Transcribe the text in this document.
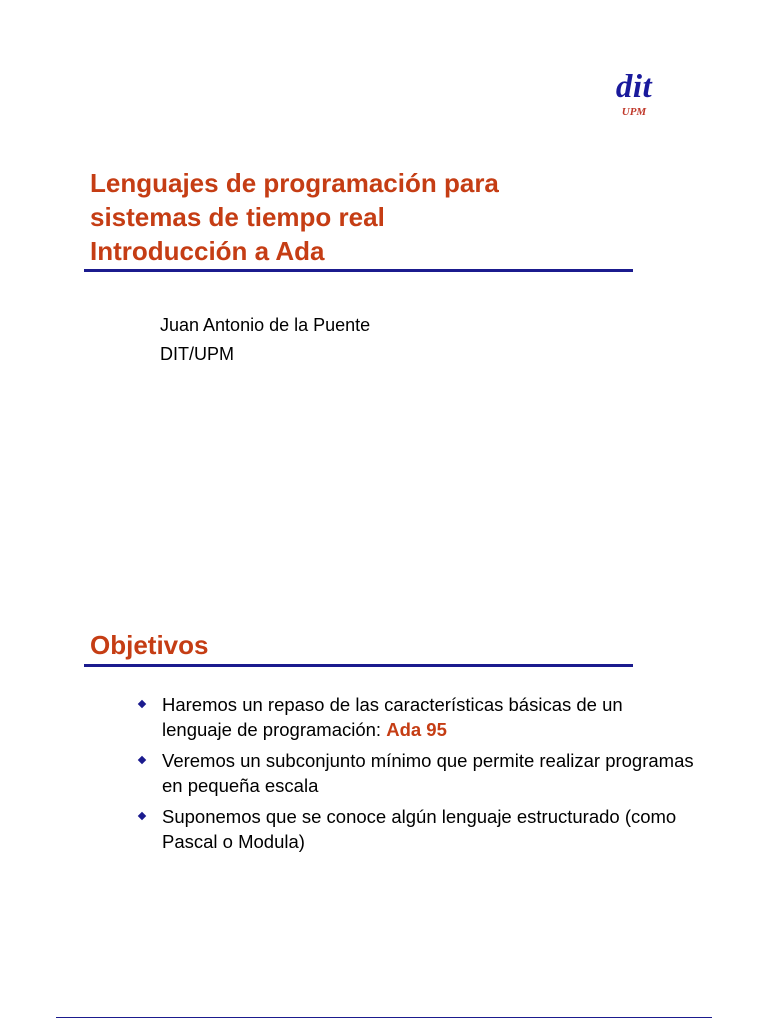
dit
UPM
Lenguajes de programación para
sistemas de tiempo real
Introducción a Ada
Juan Antonio de la Puente
DIT/UPM
Objetivos
Haremos un repaso de las características básicas de un lenguaje de programación: Ada 95
Veremos un subconjunto mínimo que permite realizar programas en pequeña escala
Suponemos que se conoce algún lenguaje estructurado (como Pascal o Modula)
